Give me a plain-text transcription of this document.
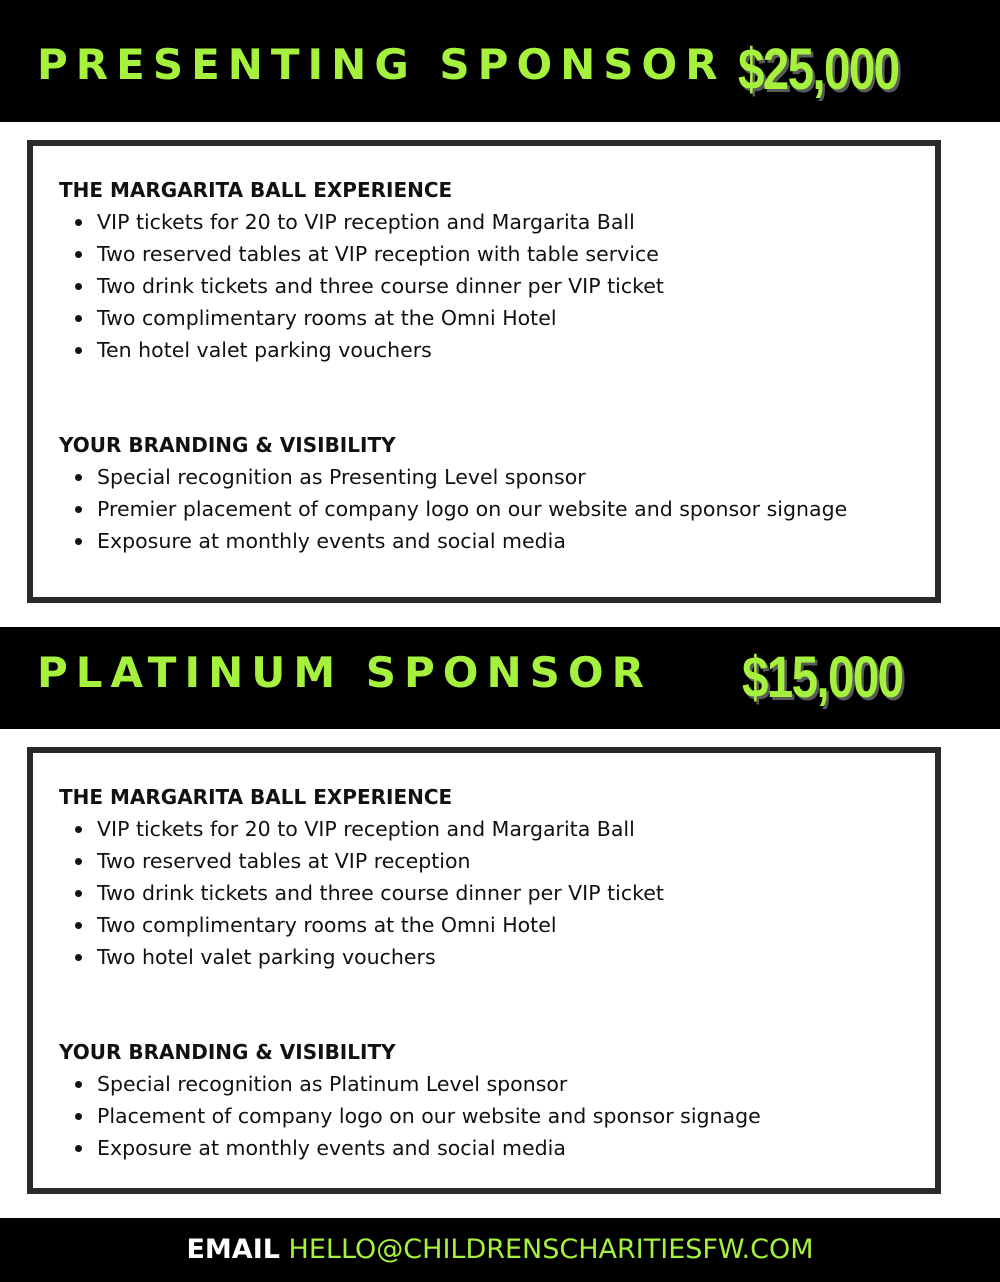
PRESENTING SPONSOR $25,000
THE MARGARITA BALL EXPERIENCE
VIP tickets for 20 to VIP reception and Margarita Ball
Two reserved tables at VIP reception with table service
Two drink tickets and three course dinner per VIP ticket
Two complimentary rooms at the Omni Hotel
Ten hotel valet parking vouchers
YOUR BRANDING & VISIBILITY
Special recognition as Presenting Level sponsor
Premier placement of company logo on our website and sponsor signage
Exposure at monthly events and social media
PLATINUM SPONSOR $15,000
THE MARGARITA BALL EXPERIENCE
VIP tickets for 20 to VIP reception and Margarita Ball
Two reserved tables at VIP reception
Two drink tickets and three course dinner per VIP ticket
Two complimentary rooms at the Omni Hotel
Two hotel valet parking vouchers
YOUR BRANDING & VISIBILITY
Special recognition as Platinum Level sponsor
Placement of company logo on our website and sponsor signage
Exposure at monthly events and social media
EMAIL HELLO@CHILDRENSCHARITIESFW.COM
